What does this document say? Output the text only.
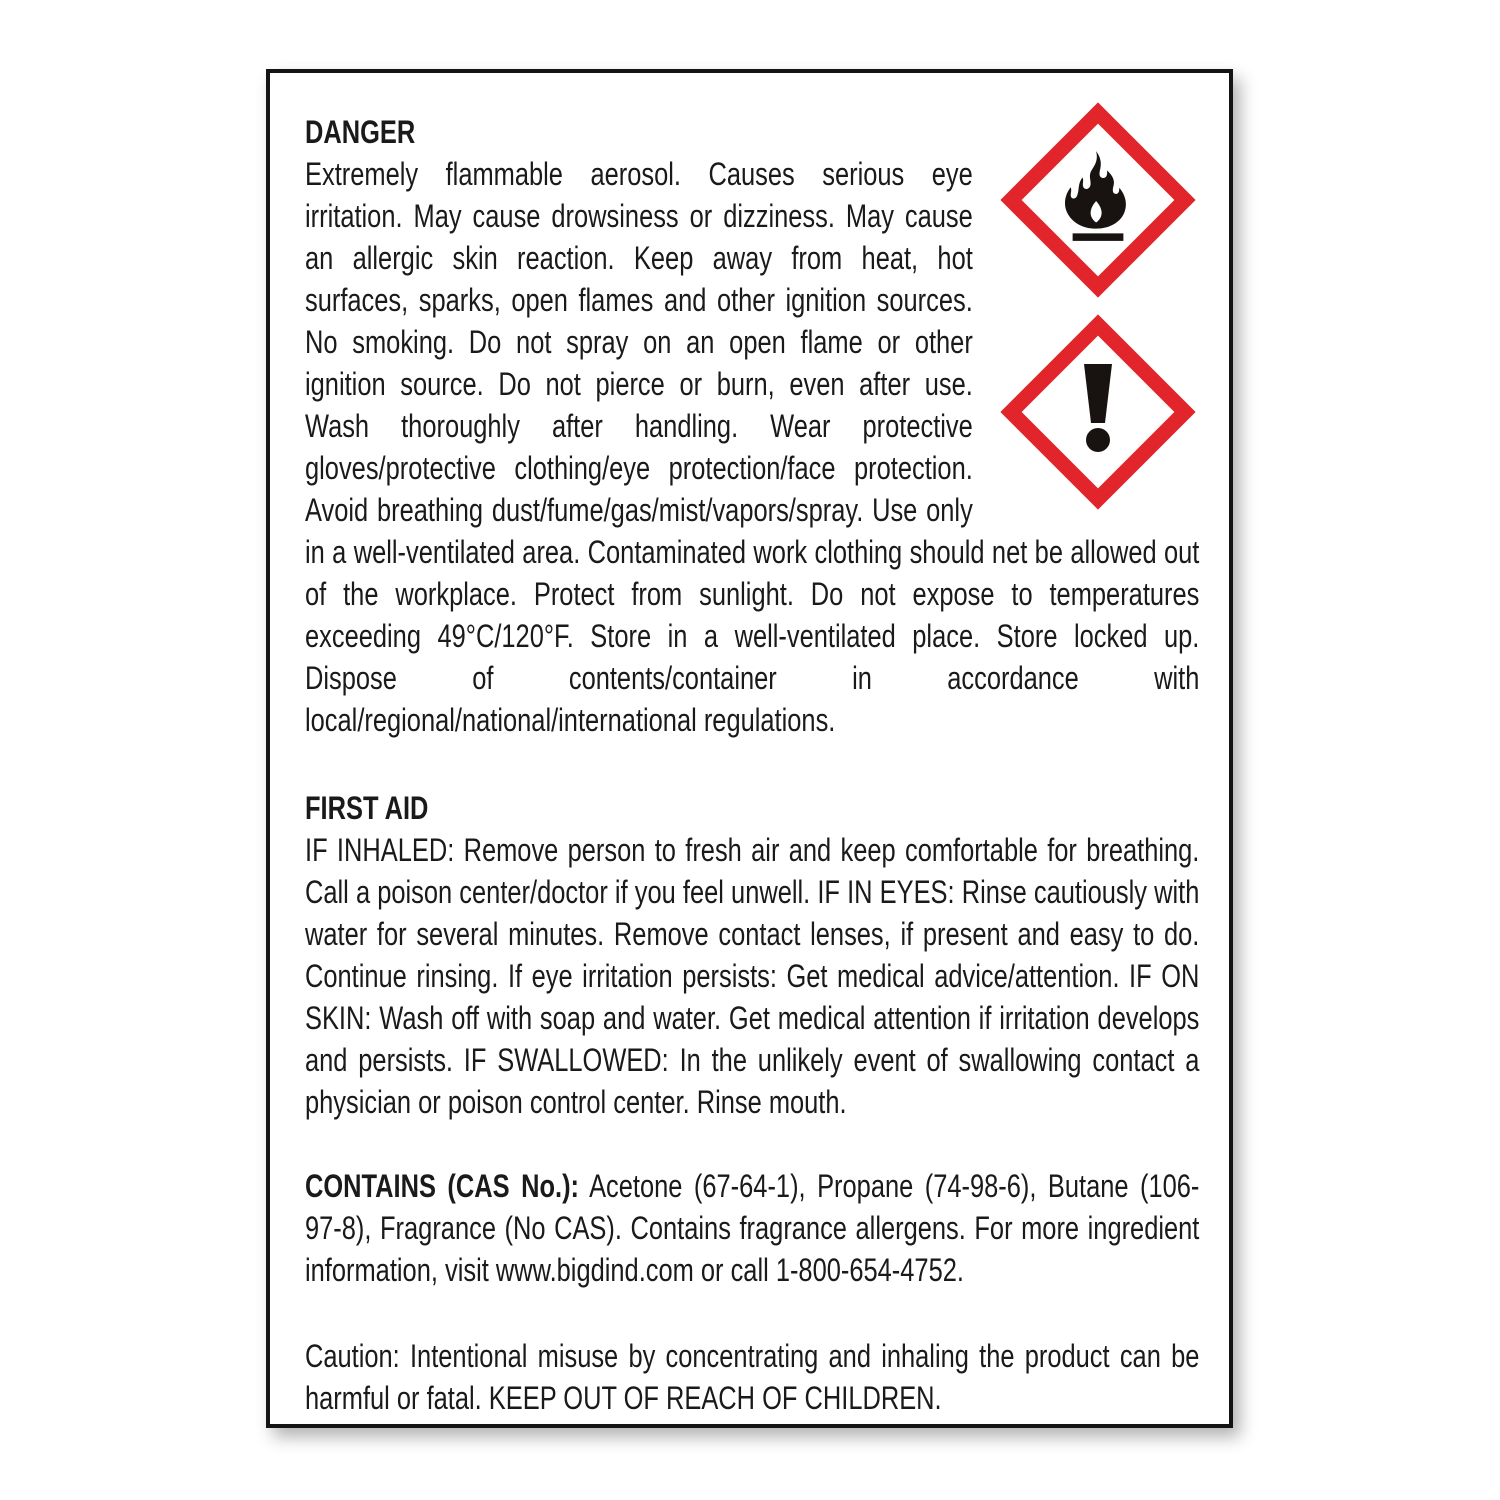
DANGER

Extremely flammable aerosol. Causes serious eye irritation. May cause drowsiness or dizziness. May cause an allergic skin reaction. Keep away from heat, hot surfaces, sparks, open flames and other ignition sources. No smoking. Do not spray on an open flame or other ignition source. Do not pierce or burn, even after use. Wash thoroughly after handling. Wear protective gloves/protective clothing/eye protection/face protection. Avoid breathing dust/fume/gas/mist/vapors/spray. Use only in a well-ventilated area. Contaminated work clothing should net be allowed out of the workplace. Protect from sunlight. Do not expose to temperatures exceeding 49°C/120°F. Store in a well-ventilated place. Store locked up. Dispose of contents/container in accordance with local/regional/national/international regulations.

FIRST AID

IF INHALED: Remove person to fresh air and keep comfortable for breathing. Call a poison center/doctor if you feel unwell. IF IN EYES: Rinse cautiously with water for several minutes. Remove contact lenses, if present and easy to do. Continue rinsing. If eye irritation persists: Get medical advice/attention. IF ON SKIN: Wash off with soap and water. Get medical attention if irritation develops and persists. IF SWALLOWED: In the unlikely event of swallowing contact a physician or poison control center. Rinse mouth.

CONTAINS (CAS No.): Acetone (67-64-1), Propane (74-98-6), Butane (106-97-8), Fragrance (No CAS). Contains fragrance allergens. For more ingredient information, visit www.bigdind.com or call 1-800-654-4752.

Caution: Intentional misuse by concentrating and inhaling the product can be harmful or fatal. KEEP OUT OF REACH OF CHILDREN.
